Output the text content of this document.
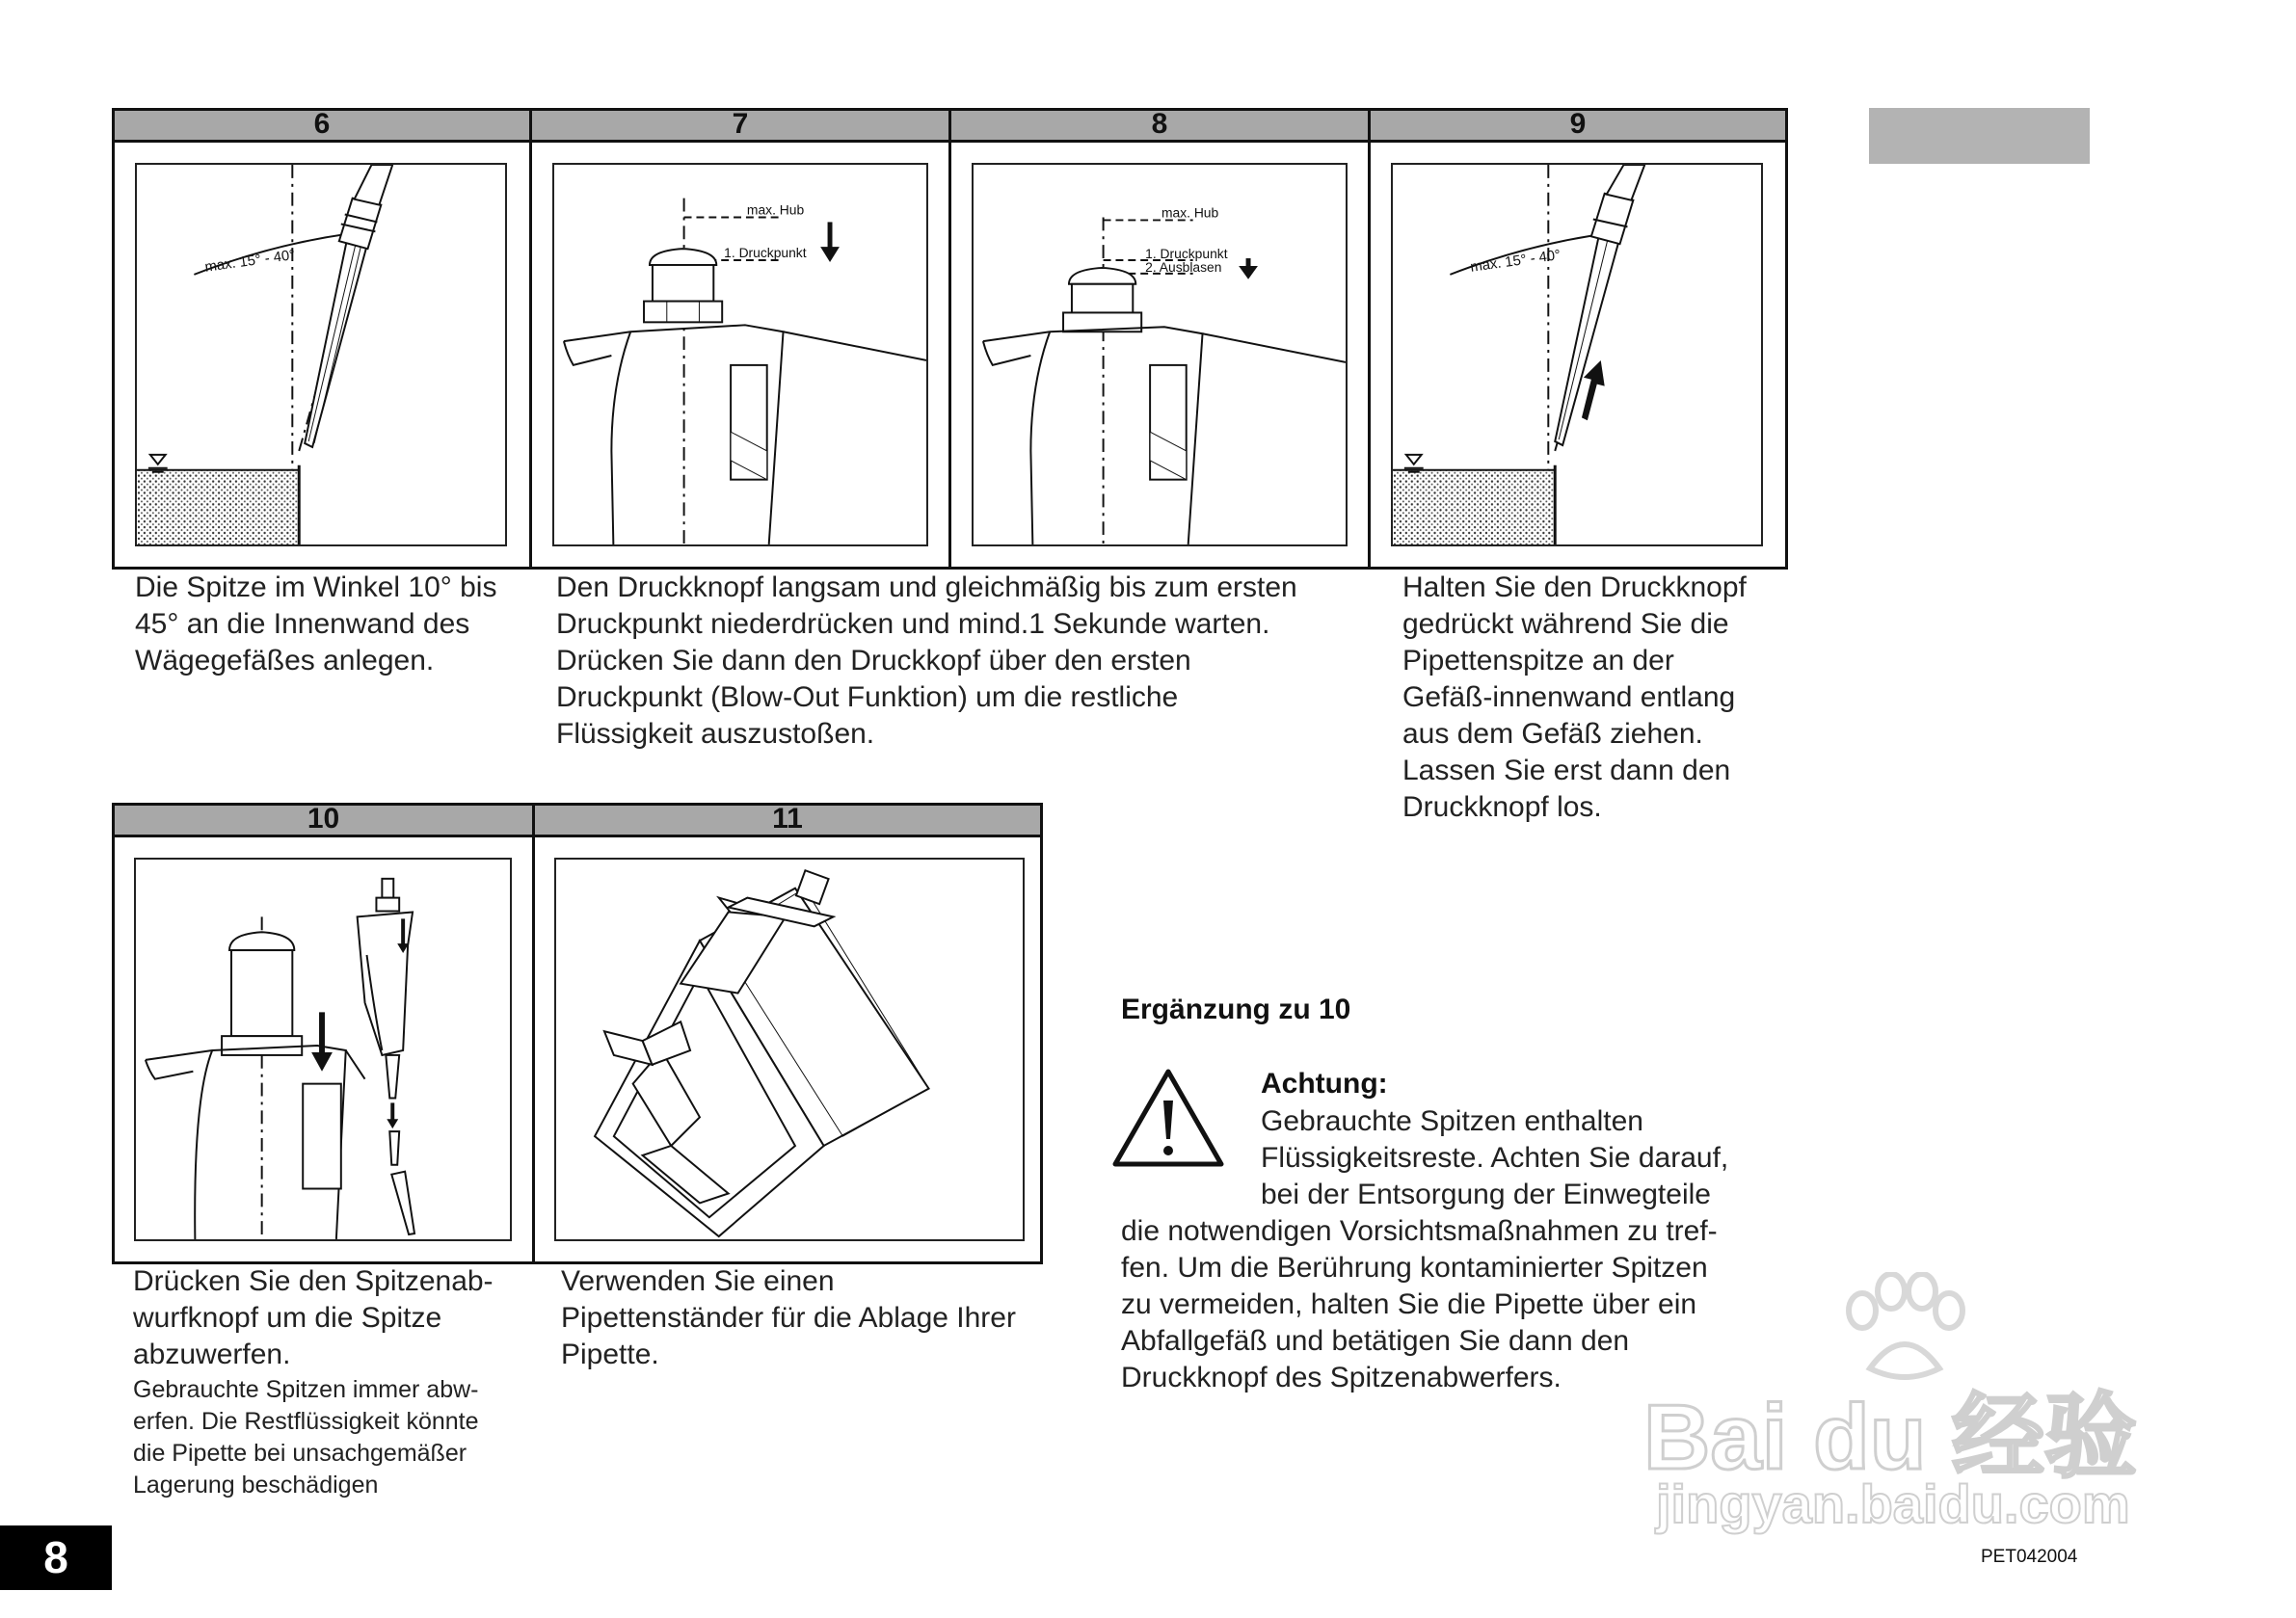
6	7	8	9
max. 15° - 40°
max. Hub
1. Druckpunkt
max. Hub
1. Druckpunkt
2. Ausblasen	max. 15° - 40°
Die Spitze im Winkel 10° bis
45° an die Innenwand des
Wägegefäßes anlegen.
Den Druckknopf langsam und gleichmäßig bis zum ersten
Druckpunkt niederdrücken und mind.1 Sekunde warten.
Drücken Sie dann den Druckkopf über den ersten
Druckpunkt (Blow-Out Funktion) um die restliche
Flüssigkeit auszustoßen.
Halten Sie den Druckknopf
gedrückt während Sie die
Pipettenspitze an der
Gefäß-innenwand entlang
aus dem Gefäß ziehen.
Lassen Sie erst dann den
Druckknopf los.
10	11
Drücken Sie den Spitzenab-
wurfknopf um die Spitze
abzuwerfen.
Gebrauchte Spitzen immer abw-
erfen. Die Restflüssigkeit könnte
die Pipette bei unsachgemäßer
Lagerung beschädigen
Verwenden Sie einen
Pipettenständer für die Ablage Ihrer
Pipette.
Ergänzung zu 10
Achtung:
Gebrauchte Spitzen enthalten
Flüssigkeitsreste. Achten Sie darauf,
bei der Entsorgung der Einwegteile
die notwendigen Vorsichtsmaßnahmen zu tref-
fen. Um die Berührung kontaminierter Spitzen
zu vermeiden, halten Sie die Pipette über ein
Abfallgefäß und betätigen Sie dann den
Druckknopf des Spitzenabwerfers.
Bai du 经验
jingyan.baidu.com
8	PET042004
